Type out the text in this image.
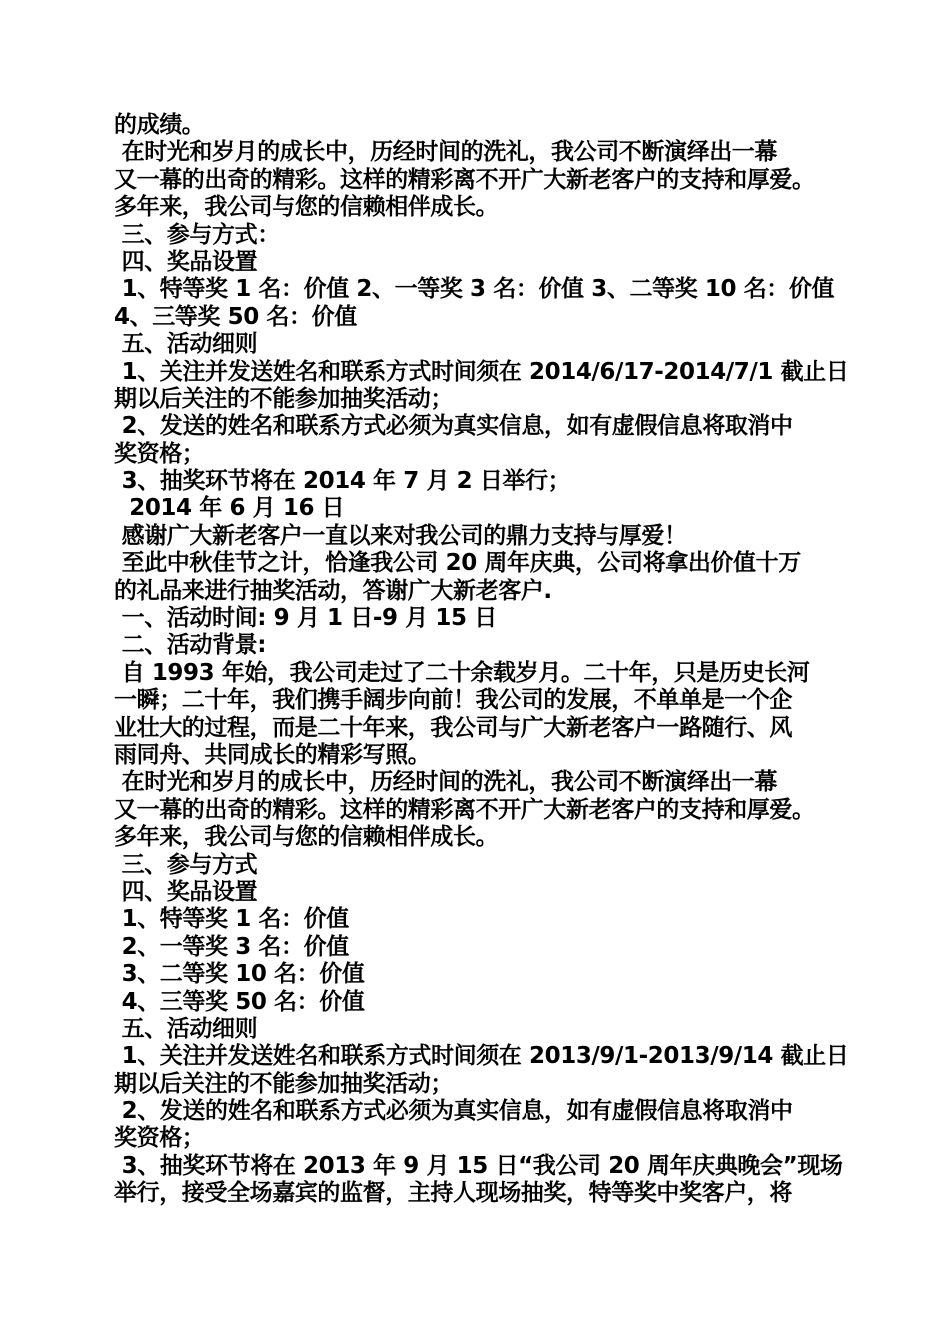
的成绩。
在时光和岁月的成长中，历经时间的洗礼，我公司不断演绎出一幕
又一幕的出奇的精彩。这样的精彩离不开广大新老客户的支持和厚爱。
多年来，我公司与您的信赖相伴成长。
三、参与方式：
四、奖品设置
1、特等奖 1 名：价值 2、一等奖 3 名：价值 3、二等奖 10 名：价值
4、三等奖 50 名：价值
五、活动细则
1、关注并发送姓名和联系方式时间须在 2014/6/17-2014/7/1 截止日
期以后关注的不能参加抽奖活动；
2、发送的姓名和联系方式必须为真实信息，如有虚假信息将取消中
奖资格；
3、抽奖环节将在 2014 年 7 月 2 日举行；
2014 年 6 月 16 日
感谢广大新老客户一直以来对我公司的鼎力支持与厚爱！
至此中秋佳节之计，恰逢我公司 20 周年庆典，公司将拿出价值十万
的礼品来进行抽奖活动，答谢广大新老客户.
一、活动时间: 9 月 1 日-9 月 15 日
二、活动背景:
自 1993 年始，我公司走过了二十余载岁月。二十年，只是历史长河
一瞬；二十年，我们携手阔步向前！我公司的发展，不单单是一个企
业壮大的过程，而是二十年来，我公司与广大新老客户一路随行、风
雨同舟、共同成长的精彩写照。
在时光和岁月的成长中，历经时间的洗礼，我公司不断演绎出一幕
又一幕的出奇的精彩。这样的精彩离不开广大新老客户的支持和厚爱。
多年来，我公司与您的信赖相伴成长。
三、参与方式
四、奖品设置
1、特等奖 1 名：价值
2、一等奖 3 名：价值
3、二等奖 10 名：价值
4、三等奖 50 名：价值
五、活动细则
1、关注并发送姓名和联系方式时间须在 2013/9/1-2013/9/14 截止日
期以后关注的不能参加抽奖活动；
2、发送的姓名和联系方式必须为真实信息，如有虚假信息将取消中
奖资格；
3、抽奖环节将在 2013 年 9 月 15 日“我公司 20 周年庆典晚会”现场
举行，接受全场嘉宾的监督，主持人现场抽奖，特等奖中奖客户，将
